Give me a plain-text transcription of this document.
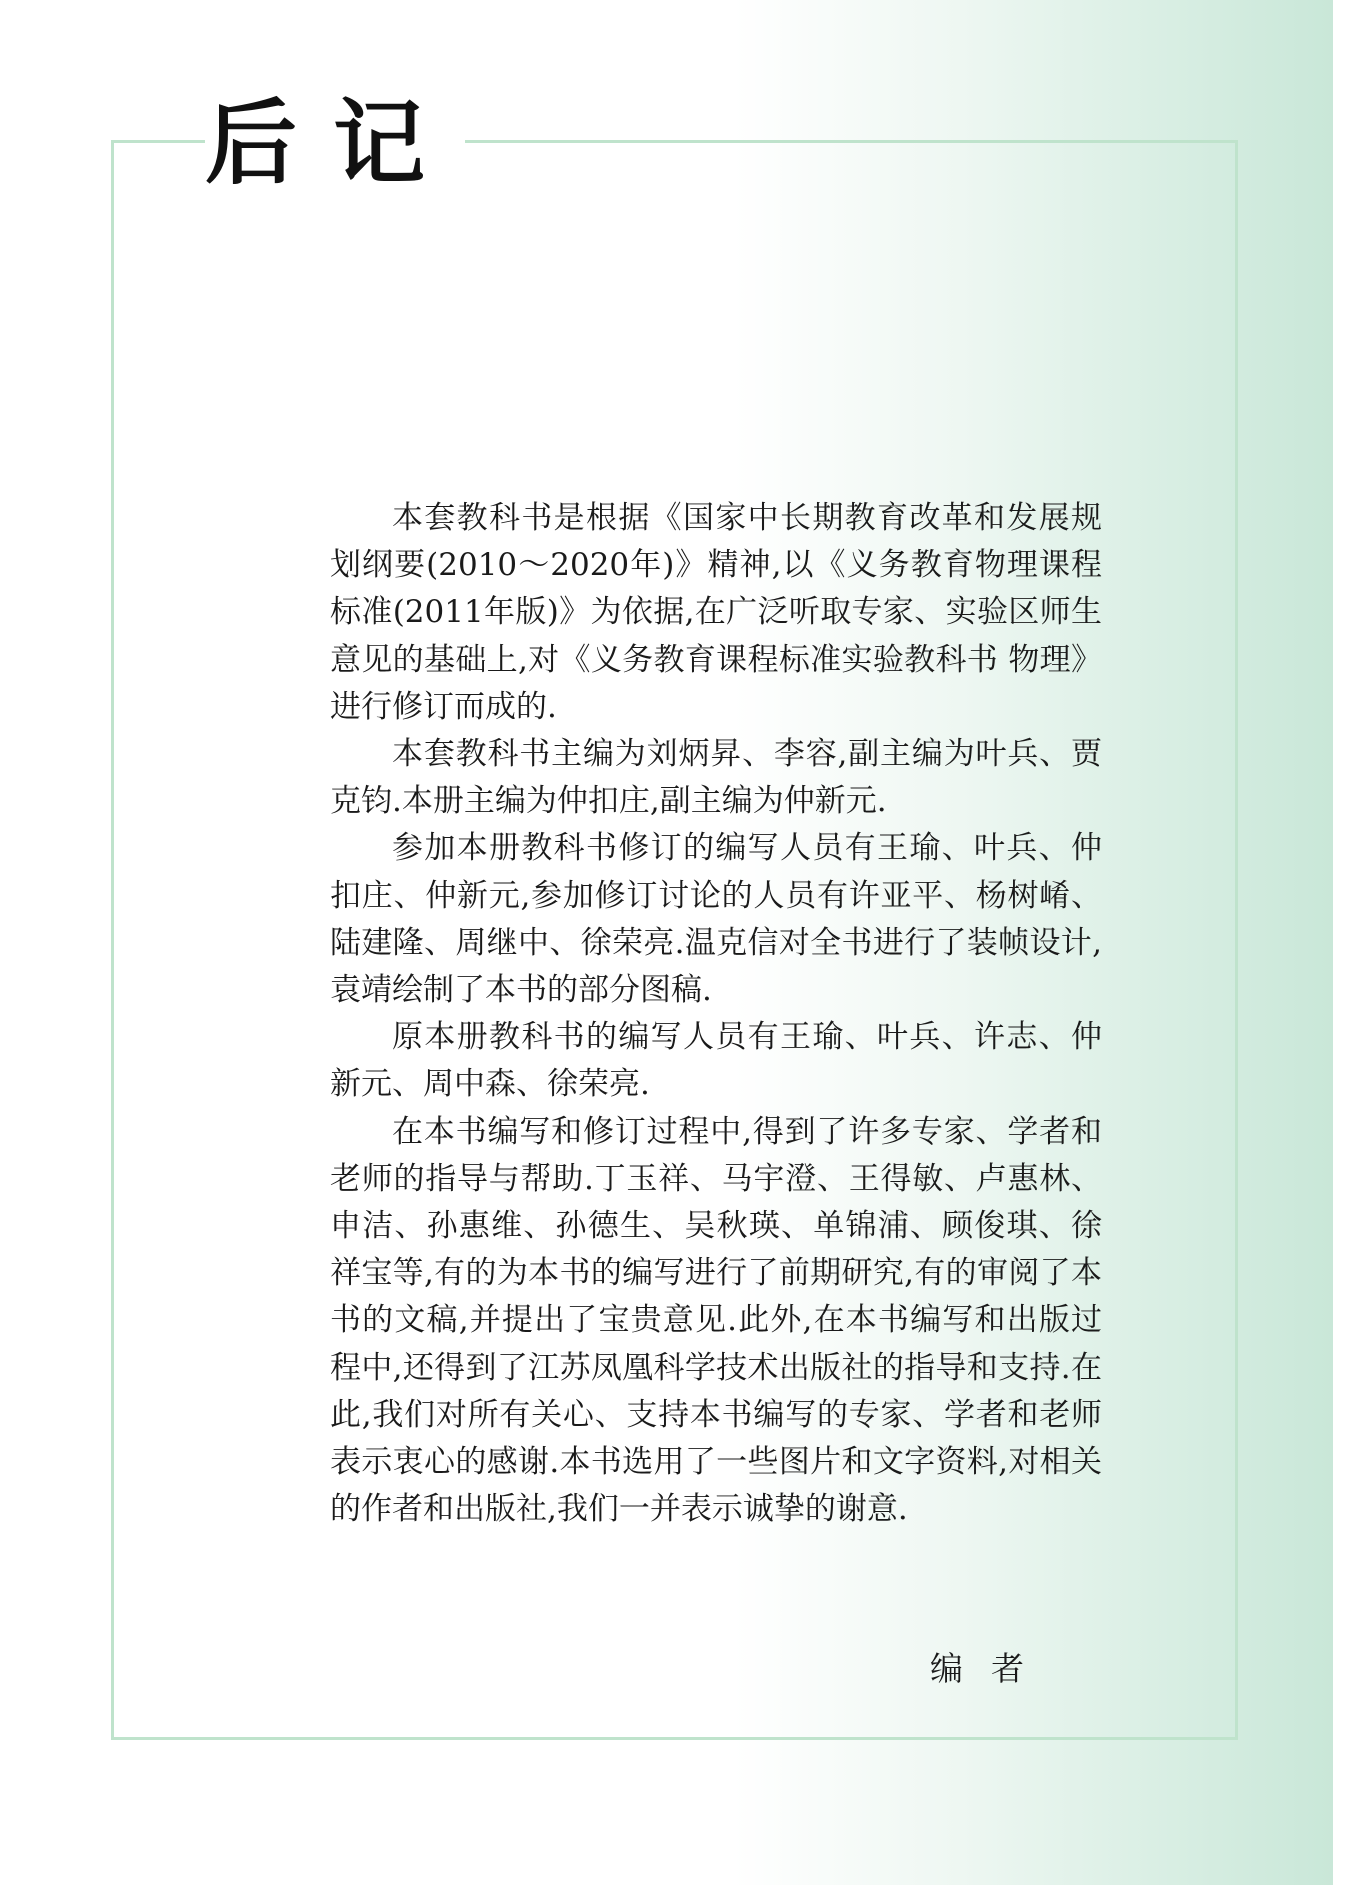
后记

本套教科书是根据《国家中长期教育改革和发展规划纲要(2010～2020年)》精神,以《义务教育物理课程标准(2011年版)》为依据,在广泛听取专家、实验区师生意见的基础上,对《义务教育课程标准实验教科书 物理》进行修订而成的.

本套教科书主编为刘炳昇、李容,副主编为叶兵、贾克钧.本册主编为仲扣庄,副主编为仲新元.

参加本册教科书修订的编写人员有王瑜、叶兵、仲扣庄、仲新元,参加修订讨论的人员有许亚平、杨树崤、陆建隆、周继中、徐荣亮.温克信对全书进行了装帧设计,袁靖绘制了本书的部分图稿.

原本册教科书的编写人员有王瑜、叶兵、许志、仲新元、周中森、徐荣亮.

在本书编写和修订过程中,得到了许多专家、学者和老师的指导与帮助.丁玉祥、马宇澄、王得敏、卢惠林、申洁、孙惠维、孙德生、吴秋瑛、单锦浦、顾俊琪、徐祥宝等,有的为本书的编写进行了前期研究,有的审阅了本书的文稿,并提出了宝贵意见.此外,在本书编写和出版过程中,还得到了江苏凤凰科学技术出版社的指导和支持.在此,我们对所有关心、支持本书编写的专家、学者和老师表示衷心的感谢.本书选用了一些图片和文字资料,对相关的作者和出版社,我们一并表示诚挚的谢意.

编者
